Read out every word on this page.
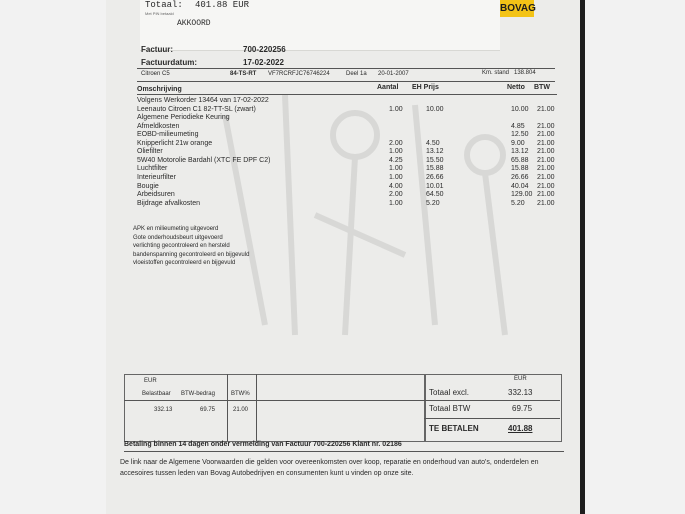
Totaal: 401.88 EUR
Met PIN betaald
AKKOORD
BOVAG
Factuur:	700-220256
Factuurdatum:	17-02-2022
Citroen C5	84-TS-RT VF7RCRFJC76746224	Deel 1a 20-01-2007	Km. stand 138.804
Omschrijving	Aantal EH Prijs	Netto BTW
Volgens Werkorder 13464 van 17-02-2022
Leenauto Citroen C1 82-TT-SL (zwart)	1.00	10.00	10.00 21.00
Algemene Periodieke Keuring
Afmeldkosten	4.85 21.00
EOBD-milieumeting	12.50 21.00
Knipperlicht 21w orange	2.00	4.50	9.00 21.00
Oliefilter	1.00	13.12	13.12 21.00
5W40 Motorolie Bardahl (XTC FE DPF C2)	4.25	15.50	65.88 21.00
Luchtfilter	1.00	15.88	15.88 21.00
Interieurfilter	1.00	26.66	26.66 21.00
Bougie	4.00	10.01	40.04 21.00
Arbeidsuren	2.00	64.50	129.00 21.00
Bijdrage afvalkosten	1.00	5.20	5.20 21.00
APK en milieumeting uitgevoerd
Gote onderhoudsbeurt uitgevoerd
verlichting gecontroleerd en hersteld
bandenspanning gecontroleerd en bijgevuld
vloeistoffen gecontroleerd en bijgevuld
EUR
Belastbaar BTW-bedrag	BTW%
332.13	69.75	21.00
EUR
Totaal excl.	332.13
Totaal BTW	69.75
TE BETALEN	401.88
Betaling binnen 14 dagen onder vermelding van Factuur 700-220256 Klant nr. 02186
De link naar de Algemene Voorwaarden die gelden voor overeenkomsten over koop, reparatie en onderhoud van auto's, onderdelen en
accesoires tussen leden van Bovag Autobedrijven en consumenten kunt u vinden op onze site.
